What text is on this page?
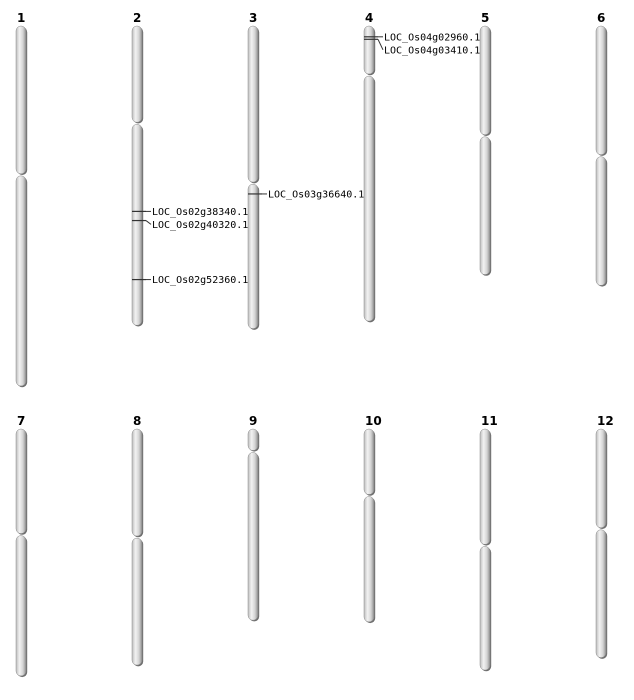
1	2	3	4	5	6
7	8	9	10	11	12
LOC_Os02g38340.1
LOC_Os02g40320.1
LOC_Os02g52360.1
LOC_Os03g36640.1
LOC_Os04g02960.1
LOC_Os04g03410.1
